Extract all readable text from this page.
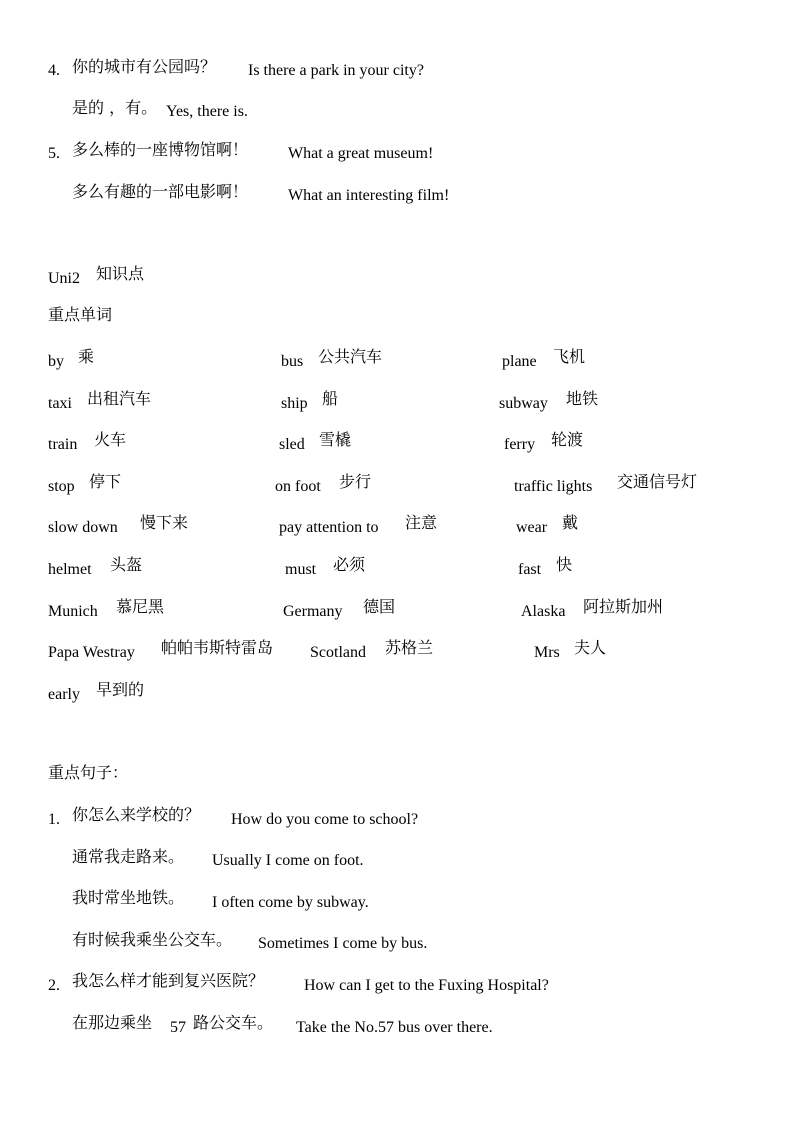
4. 你的城市有公园吗？ Is there a park in your city?
是的 ，有。 Yes, there is.
5. 多么棒的一座博物馆啊！ What a great museum!
多么有趣的一部电影啊！ What an interesting film!
Uni2 知识点
重点单词
by 乘	bus 公共汽车	plane 飞机
taxi 出租汽车	ship 船	subway 地铁
train 火车	sled 雪橇	ferry 轮渡
stop 停下	on foot 步行	traffic lights 交通信号灯
slow down 慢下来	pay attention to 注意	wear 戴
helmet 头盔	must 必须	fast 快
Munich 慕尼黑	Germany 德国	Alaska 阿拉斯加州
Papa Westray 帕帕韦斯特雷岛 Scotland 苏格兰	Mrs 夫人
early 早到的
重点句子：
1. 你怎么来学校的？ How do you come to school?
通常我走路来。 Usually I come on foot.
我时常坐地铁。 I often come by subway.
有时候我乘坐公交车。 Sometimes I come by bus.
2. 我怎么样才能到复兴医院？ How can I get to the Fuxing Hospital?
在那边乘坐 57 路公交车。 Take the No.57 bus over there.
